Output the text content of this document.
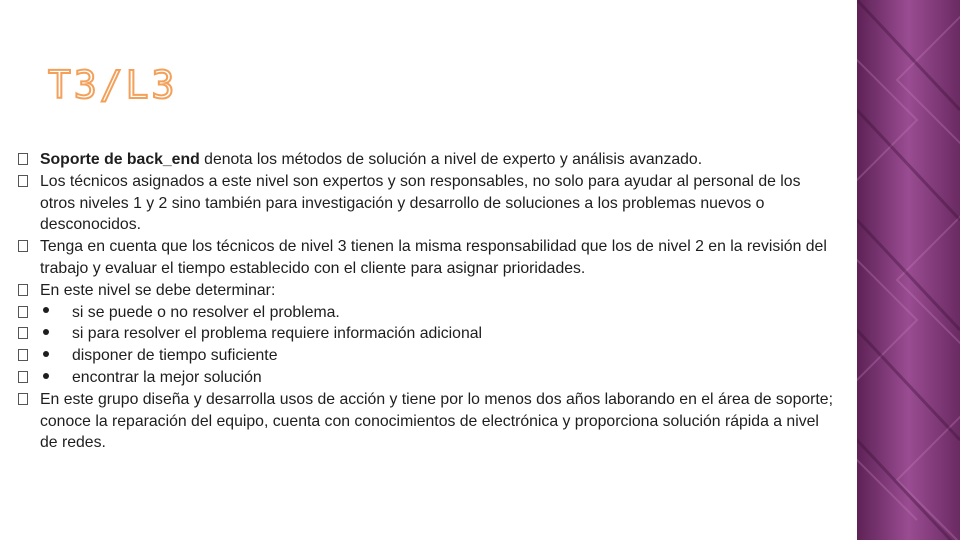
T3/L3
Soporte de back_end denota los métodos de solución a nivel de experto y análisis avanzado.
Los técnicos asignados a este nivel son expertos y son responsables, no solo para ayudar al personal de los otros niveles 1 y 2 sino también para investigación y desarrollo de soluciones a los problemas nuevos o desconocidos.
Tenga en cuenta que los técnicos de nivel 3 tienen la misma responsabilidad que los de nivel 2 en la revisión del trabajo y evaluar el tiempo establecido con el cliente para asignar prioridades.
En este nivel se debe determinar:
si se puede o no resolver el problema.
si para resolver el problema requiere información adicional
disponer de tiempo suficiente
encontrar la mejor solución
En este grupo diseña y desarrolla usos de acción y tiene por lo menos dos años laborando en el área de soporte; conoce la reparación del equipo, cuenta con conocimientos de electrónica y proporciona solución rápida a nivel de redes.
